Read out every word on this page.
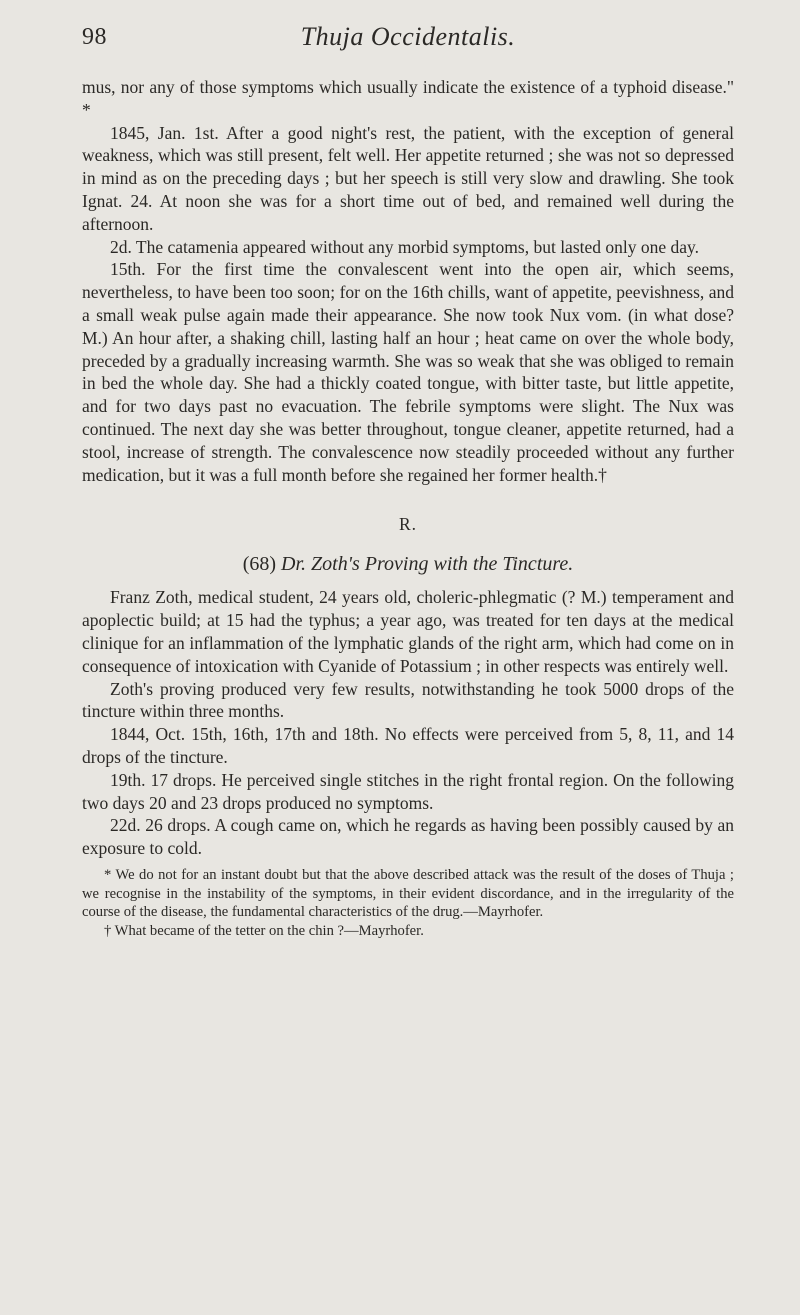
98	Thuja Occidentalis.

mus, nor any of those symptoms which usually indicate the existence of a typhoid disease." *

1845, Jan. 1st. After a good night's rest, the patient, with the exception of general weakness, which was still present, felt well. Her appetite returned ; she was not so depressed in mind as on the preceding days ; but her speech is still very slow and drawling. She took Ignat. 24. At noon she was for a short time out of bed, and remained well during the afternoon.

2d. The catamenia appeared without any morbid symptoms, but lasted only one day.

15th. For the first time the convalescent went into the open air, which seems, nevertheless, to have been too soon; for on the 16th chills, want of appetite, peevishness, and a small weak pulse again made their appearance. She now took Nux vom. (in what dose? M.) An hour after, a shaking chill, lasting half an hour ; heat came on over the whole body, preceded by a gradually increasing warmth. She was so weak that she was obliged to remain in bed the whole day. She had a thickly coated tongue, with bitter taste, but little appetite, and for two days past no evacuation. The febrile symptoms were slight. The Nux was continued. The next day she was better throughout, tongue cleaner, appetite returned, had a stool, increase of strength. The convalescence now steadily proceeded without any further medication, but it was a full month before she regained her former health.†

R.
(68) Dr. Zoth's Proving with the Tincture.

Franz Zoth, medical student, 24 years old, choleric-phlegmatic (? M.) temperament and apoplectic build; at 15 had the typhus; a year ago, was treated for ten days at the medical clinique for an inflammation of the lymphatic glands of the right arm, which had come on in consequence of intoxication with Cyanide of Potassium ; in other respects was entirely well.

Zoth's proving produced very few results, notwithstanding he took 5000 drops of the tincture within three months.

1844, Oct. 15th, 16th, 17th and 18th. No effects were perceived from 5, 8, 11, and 14 drops of the tincture.

19th. 17 drops. He perceived single stitches in the right frontal region. On the following two days 20 and 23 drops produced no symptoms.

22d. 26 drops. A cough came on, which he regards as having been possibly caused by an exposure to cold.

* We do not for an instant doubt but that the above described attack was the result of the doses of Thuja ; we recognise in the instability of the symptoms, in their evident discordance, and in the irregularity of the course of the disease, the fundamental characteristics of the drug.—Mayrhofer.

† What became of the tetter on the chin ?—Mayrhofer.
